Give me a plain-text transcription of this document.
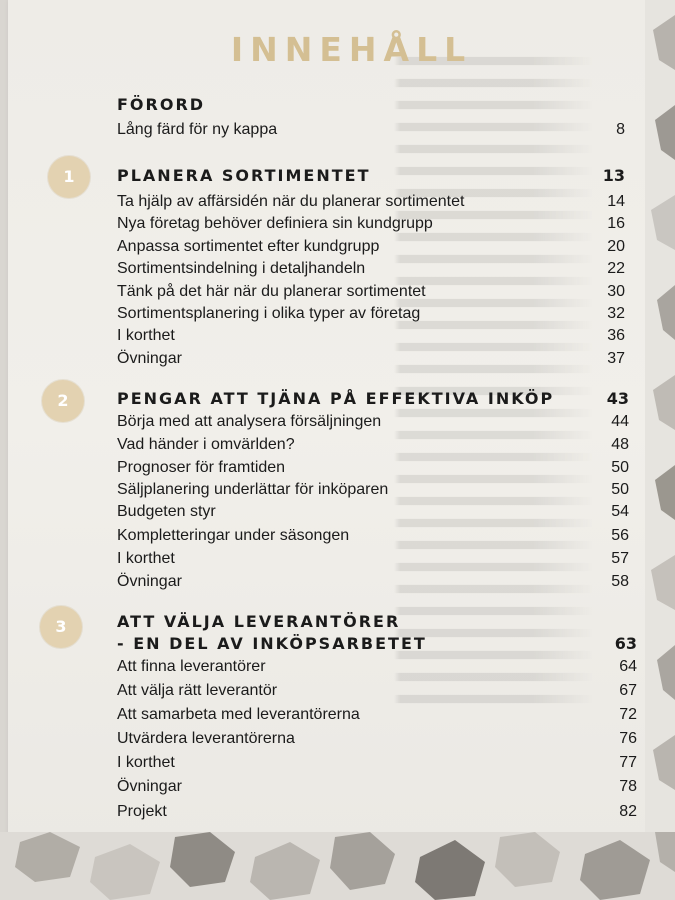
INNEHÅLL
FÖRORD
Lång färd för ny kappa	8
1	PLANERA SORTIMENTET	13
Ta hjälp av affärsidén när du planerar sortimentet	14
Nya företag behöver definiera sin kundgrupp	16
Anpassa sortimentet efter kundgrupp	20
Sortimentsindelning i detaljhandeln	22
Tänk på det här när du planerar sortimentet	30
Sortimentsplanering i olika typer av företag	32
I korthet	36
Övningar	37
2	PENGAR ATT TJÄNA PÅ EFFEKTIVA INKÖP	43
Börja med att analysera försäljningen	44
Vad händer i omvärlden?	48
Prognoser för framtiden	50
Säljplanering underlättar för inköparen	50
Budgeten styr	54
Kompletteringar under säsongen	56
I korthet	57
Övningar	58
3	ATT VÄLJA LEVERANTÖRER
- EN DEL AV INKÖPSARBETET	63
Att finna leverantörer	64
Att välja rätt leverantör	67
Att samarbeta med leverantörerna	72
Utvärdera leverantörerna	76
I korthet	77
Övningar	78
Projekt	82
